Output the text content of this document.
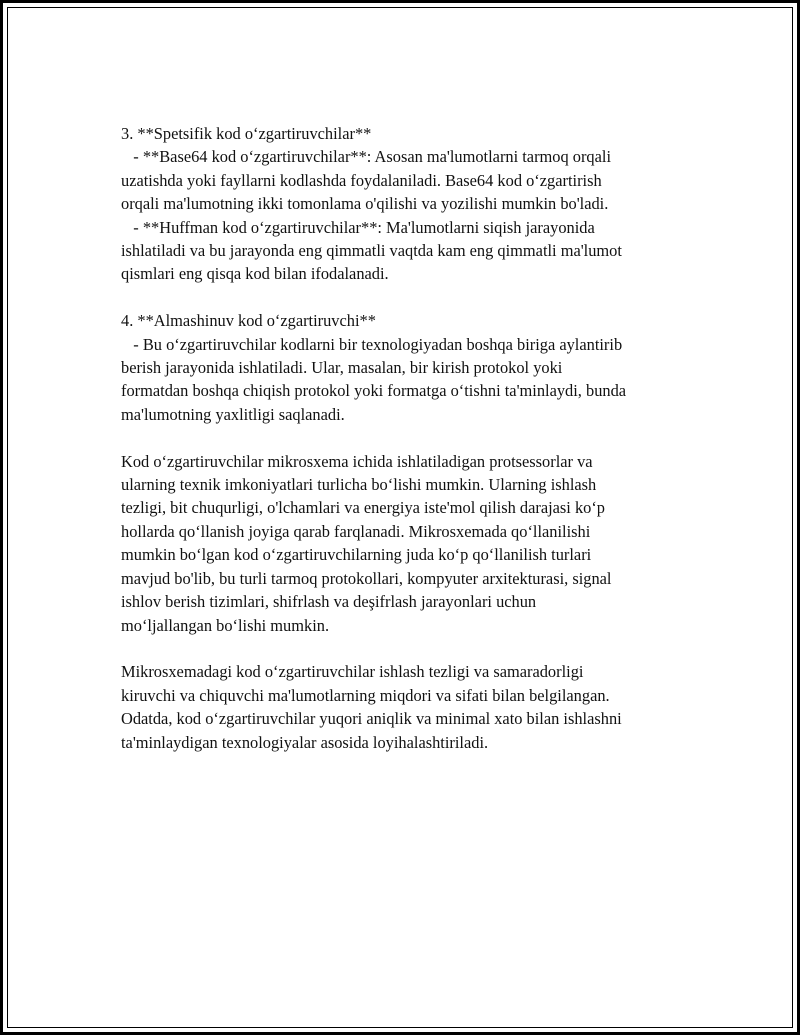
3. **Spetsifik kod o‘zgartiruvchilar**
- **Base64 kod o‘zgartiruvchilar**: Asosan ma'lumotlarni tarmoq orqali
uzatishda yoki fayllarni kodlashda foydalaniladi. Base64 kod o‘zgartirish
orqali ma'lumotning ikki tomonlama o'qilishi va yozilishi mumkin bo'ladi.
- **Huffman kod o‘zgartiruvchilar**: Ma'lumotlarni siqish jarayonida
ishlatiladi va bu jarayonda eng qimmatli vaqtda kam eng qimmatli ma'lumot
qismlari eng qisqa kod bilan ifodalanadi.
4. **Almashinuv kod o‘zgartiruvchi**
- Bu o‘zgartiruvchilar kodlarni bir texnologiyadan boshqa biriga aylantirib
berish jarayonida ishlatiladi. Ular, masalan, bir kirish protokol yoki
formatdan boshqa chiqish protokol yoki formatga o‘tishni ta'minlaydi, bunda
ma'lumotning yaxlitligi saqlanadi.
Kod o‘zgartiruvchilar mikrosxema ichida ishlatiladigan protsessorlar va
ularning texnik imkoniyatlari turlicha bo‘lishi mumkin. Ularning ishlash
tezligi, bit chuqurligi, o'lchamlari va energiya iste'mol qilish darajasi ko‘p
hollarda qo‘llanish joyiga qarab farqlanadi. Mikrosxemada qo‘llanilishi
mumkin bo‘lgan kod o‘zgartiruvchilarning juda ko‘p qo‘llanilish turlari
mavjud bo'lib, bu turli tarmoq protokollari, kompyuter arxitekturasi, signal
ishlov berish tizimlari, shifrlash va deşifrlash jarayonlari uchun
mo‘ljallangan bo‘lishi mumkin.
Mikrosxemadagi kod o‘zgartiruvchilar ishlash tezligi va samaradorligi
kiruvchi va chiquvchi ma'lumotlarning miqdori va sifati bilan belgilangan.
Odatda, kod o‘zgartiruvchilar yuqori aniqlik va minimal xato bilan ishlashni
ta'minlaydigan texnologiyalar asosida loyihalashtiriladi.
